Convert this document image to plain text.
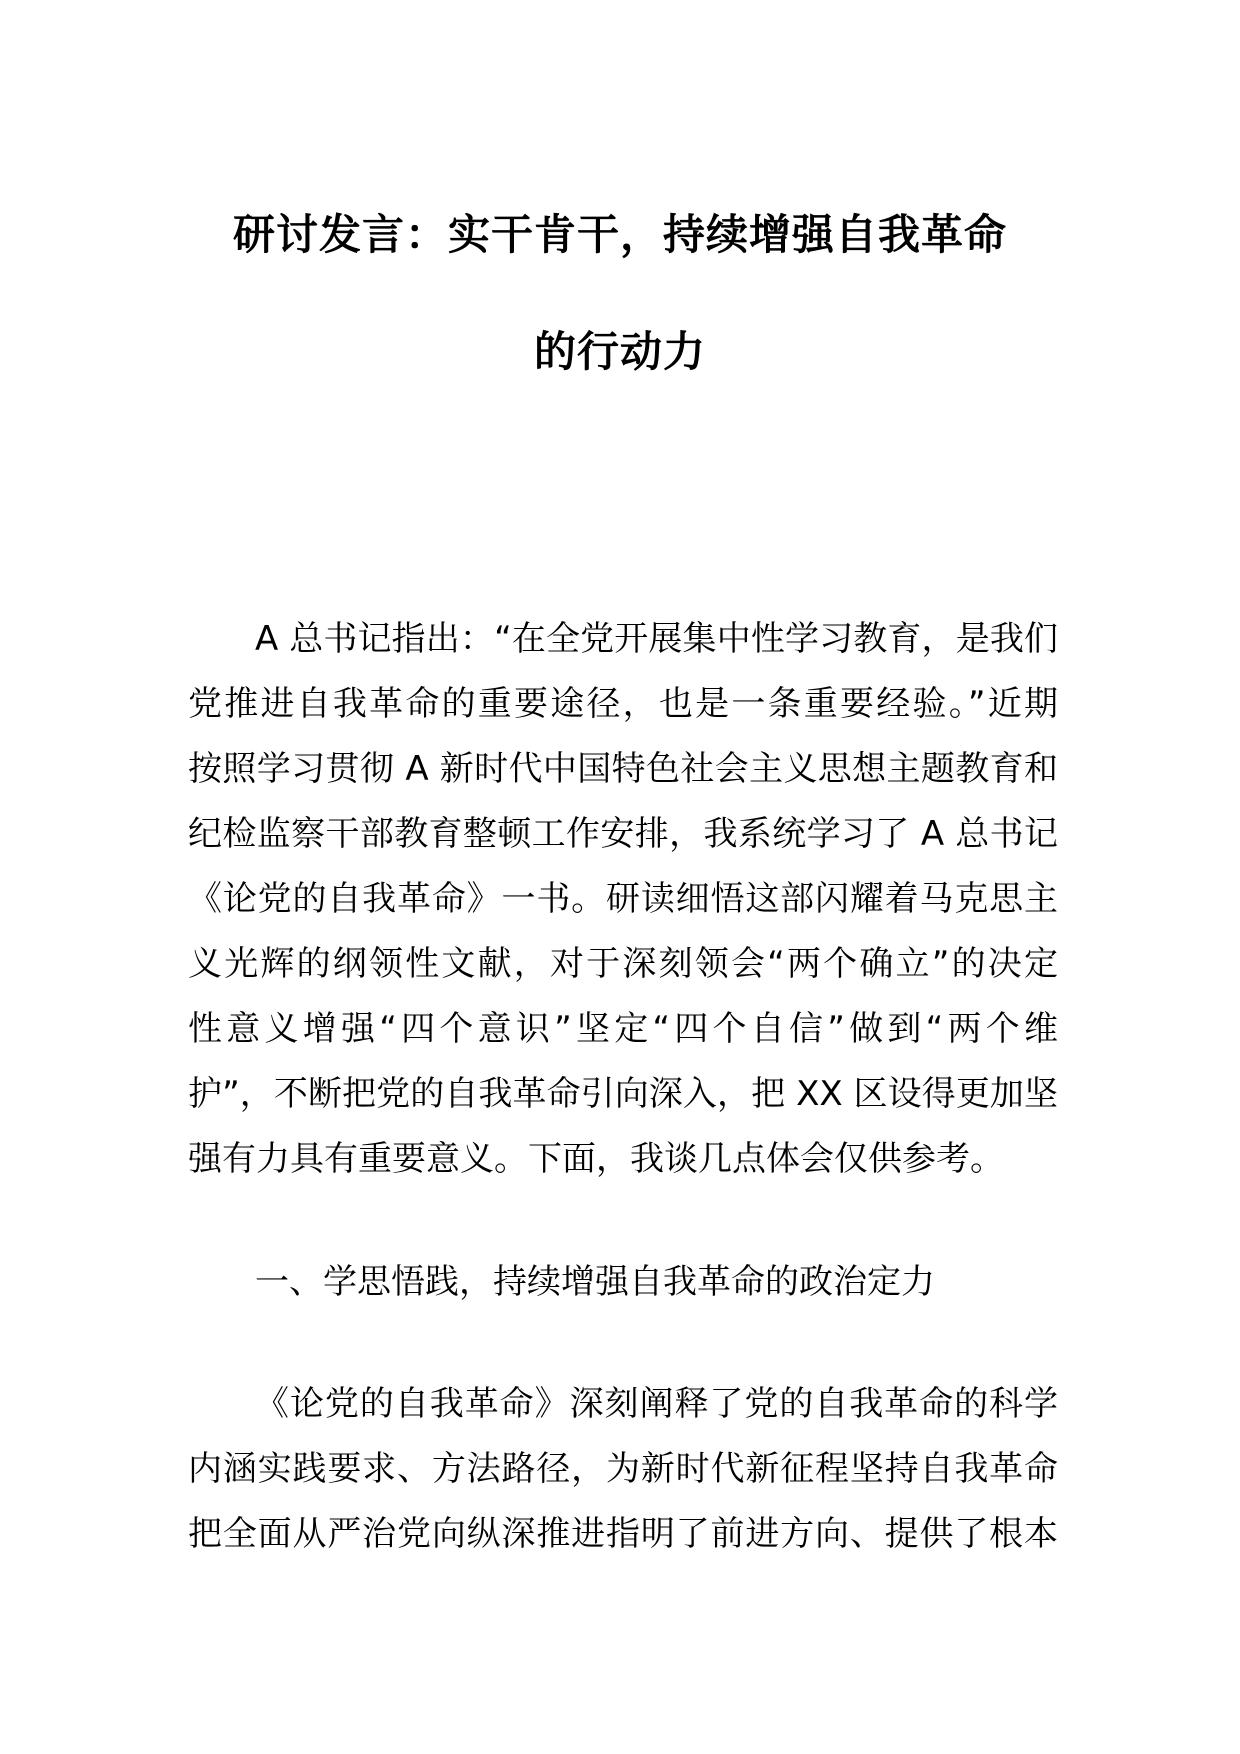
研讨发言：实干肯干，持续增强自我革命
的行动力
A 总书记指出：“在全党开展集中性学习教育，是我们
党推进自我革命的重要途径，也是一条重要经验。”近期
按照学习贯彻 A 新时代中国特色社会主义思想主题教育和
纪检监察干部教育整顿工作安排，我系统学习了 A 总书记
《论党的自我革命》一书。研读细悟这部闪耀着马克思主
义光辉的纲领性文献，对于深刻领会“两个确立”的决定
性意义增强“四个意识”坚定“四个自信”做到“两个维
护”，不断把党的自我革命引向深入，把 XX 区设得更加坚
强有力具有重要意义。下面，我谈几点体会仅供参考。
一、学思悟践，持续增强自我革命的政治定力
《论党的自我革命》深刻阐释了党的自我革命的科学
内涵实践要求、方法路径，为新时代新征程坚持自我革命
把全面从严治党向纵深推进指明了前进方向、提供了根本
